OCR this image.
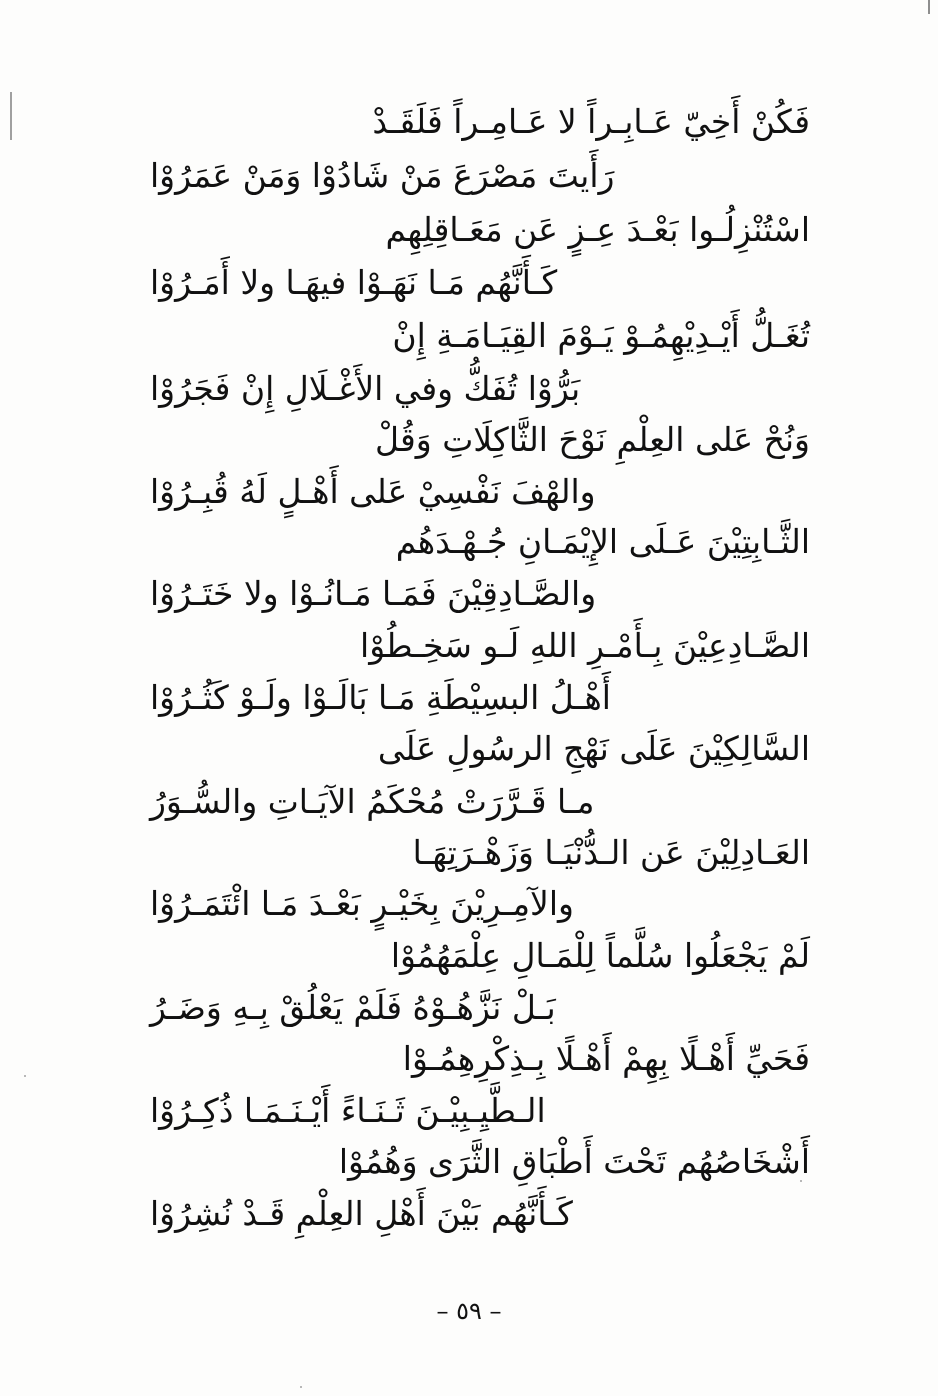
فَكُنْ أَخِيّ عَـابِـراً لا عَـامِـراً فَلَقَـدْ
رَأَيتَ مَصْرَعَ مَنْ شَادُوْا وَمَنْ عَمَرُوْا
اسْتُنْزِلُـوا بَعْـدَ عِـزٍ عَن مَعَـاقِلِهِم
كَـأَنَّهُم مَـا نَهَـوْا فيهَـا ولا أَمَـرُوْا
تُغَـلُّ أَيْـدِيْهِمُـوْ يَـوْمَ القِيَـامَـةِ إِنْ
بَرُّوْا تُفَكُّ وفي الأَغْـلَالِ إِنْ فَجَرُوْا
وَنُحْ عَلى العِلْمِ نَوْحَ الثَّاكِلَاتِ وَقُلْ
والهْفَ نَفْسِيْ عَلى أَهْـلٍ لَهُ قُبِـرُوْا
الثَّـابِتِيْنَ عَـلَى الإِيْمَـانِ جُـهْـدَهُم
والصَّـادِقِيْنَ فَمَـا مَـانُـوْا ولا خَتَـرُوْا
الصَّـادِعِيْنَ بِـأَمْـرِ اللهِ لَـو سَخِـطُوْا
أَهْـلُ البسِيْطَةِ مَـا بَالَـوْا ولَـوْ كَثُـرُوْا
السَّالِكِيْنَ عَلَى نَهْجِ الرسُولِ عَلَى
مـا قَـرَّرَتْ مُحْكَمُ الآيَـاتِ والسُّـوَرُ
العَـادِلِيْنَ عَن الـدُّنْيَـا وَزَهْـرَتِهَـا
والآمِـرِيْنَ بِخَيْـرٍ بَعْـدَ مَـا ائْتَمَـرُوْا
لَمْ يَجْعَلُوا سُلَّماً لِلْمَـالِ عِلْمَهُمُوْا
بَـلْ نَزَّهُـوْهُ فَلَمْ يَعْلُقْ بِـهِ وَضَـرُ
فَحَيِّ أَهْـلًا بِهِمْ أَهْـلًا بِـذِكْرِهِمُـوْا
الـطَّيِـبِيْـنَ ثَـنَـاءً أَيْـنَـمَـا ذُكِـرُوْا
أَشْخَاصُهُم تَحْتَ أَطْبَاقِ الثَّرَى وَهُمُوْا
كَـأَنَّهُم بَيْنَ أَهْلِ العِلْمِ قَـدْ نُشِرُوْا
– ٥٩ –
